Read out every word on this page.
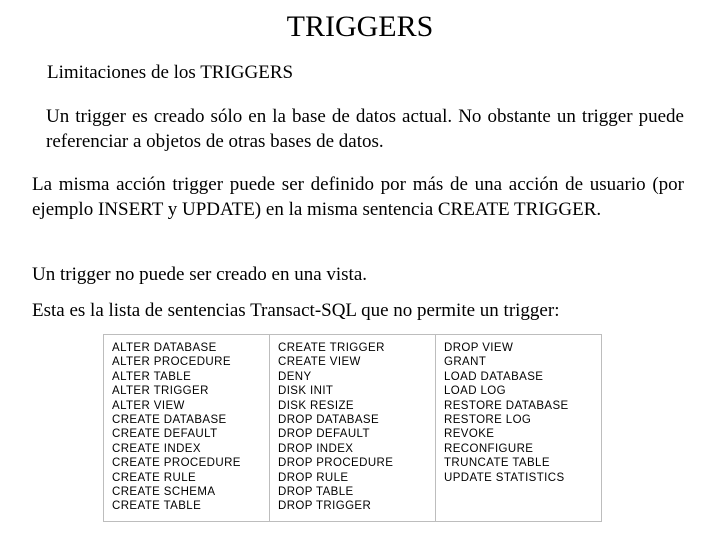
TRIGGERS
Limitaciones de los TRIGGERS

Un trigger es creado sólo en la base de datos actual. No obstante un trigger puede referenciar a objetos de otras bases de datos.

La misma acción trigger puede ser definido por más de una acción de usuario (por ejemplo INSERT y UPDATE) en la misma sentencia CREATE TRIGGER.

Un trigger no puede ser creado en una vista.

Esta es la lista de sentencias Transact-SQL que no permite un trigger:

ALTER DATABASE
ALTER PROCEDURE
ALTER TABLE
ALTER TRIGGER
ALTER VIEW
CREATE DATABASE
CREATE DEFAULT
CREATE INDEX
CREATE PROCEDURE
CREATE RULE
CREATE SCHEMA
CREATE TABLE
CREATE TRIGGER
CREATE VIEW
DENY
DISK INIT
DISK RESIZE
DROP DATABASE
DROP DEFAULT
DROP INDEX
DROP PROCEDURE
DROP RULE
DROP TABLE
DROP TRIGGER
DROP VIEW
GRANT
LOAD DATABASE
LOAD LOG
RESTORE DATABASE
RESTORE LOG
REVOKE
RECONFIGURE
TRUNCATE TABLE
UPDATE STATISTICS
